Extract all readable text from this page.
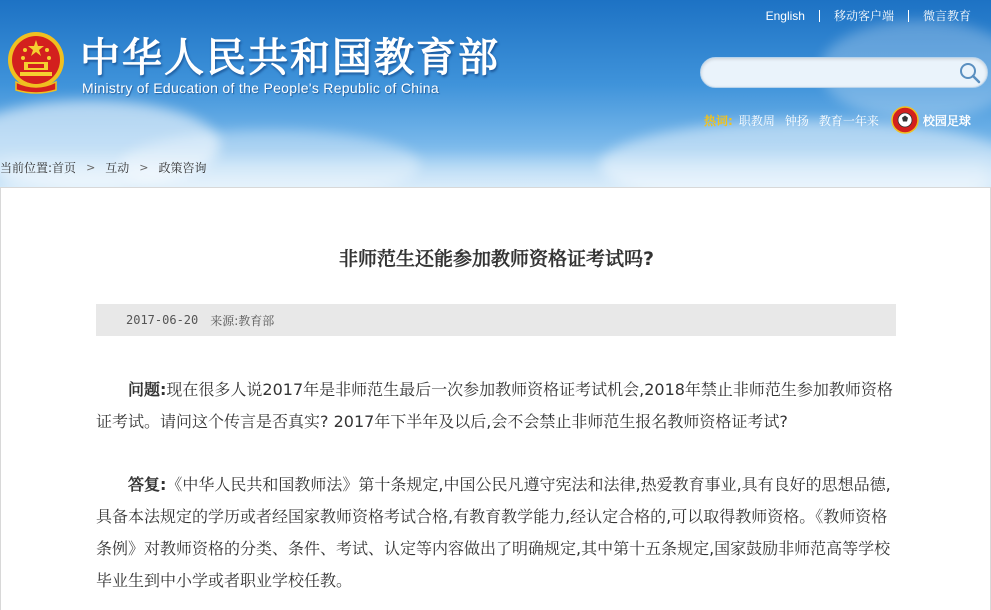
中华人民共和国教育部
Ministry of Education of the People's Republic of China
English 移动客户端 微言教育
热词: 职教周 钟扬 教育一年来	校园足球
当前位置: 首页 > 互动 > 政策咨询
非师范生还能参加教师资格证考试吗?
2017-06-20 来源:教育部

问题:现在很多人说2017年是非师范生最后一次参加教师资格证考试机会,2018年禁止非师范生参加教师资格证考试。请问这个传言是否真实? 2017年下半年及以后,会不会禁止非师范生报名教师资格证考试?

答复:《中华人民共和国教师法》第十条规定,中国公民凡遵守宪法和法律,热爱教育事业,具有良好的思想品德,具备本法规定的学历或者经国家教师资格考试合格,有教育教学能力,经认定合格的,可以取得教师资格。《教师资格条例》对教师资格的分类、条件、考试、认定等内容做出了明确规定,其中第十五条规定,国家鼓励非师范高等学校毕业生到中小学或者职业学校任教。
